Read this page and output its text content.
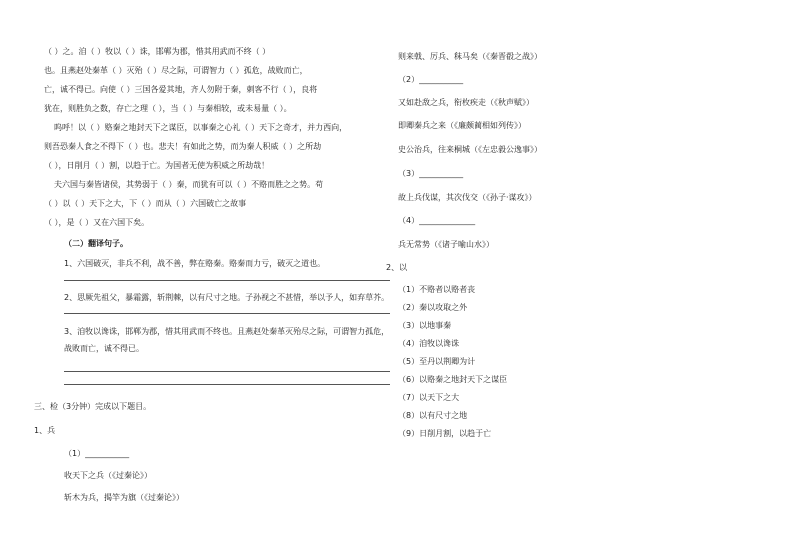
（ ）之。洎（ ）牧以（ ）诛，邯郸为郡，惜其用武而不终（ ）
也。且燕赵处秦革（ ）灭殆（ ）尽之际，可谓智力（ ）孤危，战败而亡，
亡，诚不得已。向使（ ）三国各爱其地，齐人勿附于秦，刺客不行（ ），良将
犹在，则胜负之数，存亡之理（ ），当（ ）与秦相较，或未易量（ ）。
呜呼！以（ ）赂秦之地封天下之谋臣，以事秦之心礼（ ）天下之奇才，并力西向，
则吾恐秦人食之不得下（ ）也。悲夫！有如此之势，而为秦人积威（ ）之所劫
（ ），日削月（ ）割，以趋于亡。为国者无使为积威之所劫哉！
夫六国与秦皆诸侯，其势弱于（ ）秦，而犹有可以（ ）不赂而胜之之势。苟
（ ）以（ ）天下之大，下（ ）而从（ ）六国破亡之故事
（ ），是（ ）又在六国下矣。
（二）翻译句子。
1、六国破灭，非兵不利，战不善，弊在赂秦。赂秦而力亏，破灭之道也。
2、思厥先祖父，暴霜露，斩荆棘，以有尺寸之地。子孙视之不甚惜，举以予人，如弃草芥。
3、洎牧以谗诛，邯郸为郡，惜其用武而不终也。且燕赵处秦革灭殆尽之际，可谓智力孤危，
战败而亡，诚不得已。
三、检（3分钟）完成以下题目。
1、兵
（1）___________
收天下之兵（《过秦论》）
斩木为兵，揭竿为旗（《过秦论》）
则来戟、厉兵、秣马矣（《秦晋殽之战》）
（2）___________
又如赴敌之兵，衔枚疾走（《秋声赋》）
即卿秦兵之来（《廉颇蔺相如列传》）
史公治兵，往来桐城（《左忠毅公逸事》）
（3）___________
故上兵伐谋，其次伐交（《孙子·谋攻》）
（4）______________
兵无常势（《诸子喻山水》）
2、以
（1）不赂者以赂者丧
（2）秦以攻取之外
（3）以地事秦
（4）洎牧以谗诛
（5）至丹以荆卿为计
（6）以赂秦之地封天下之谋臣
（7）以天下之大
（8）以有尺寸之地
（9）日削月割，以趋于亡
